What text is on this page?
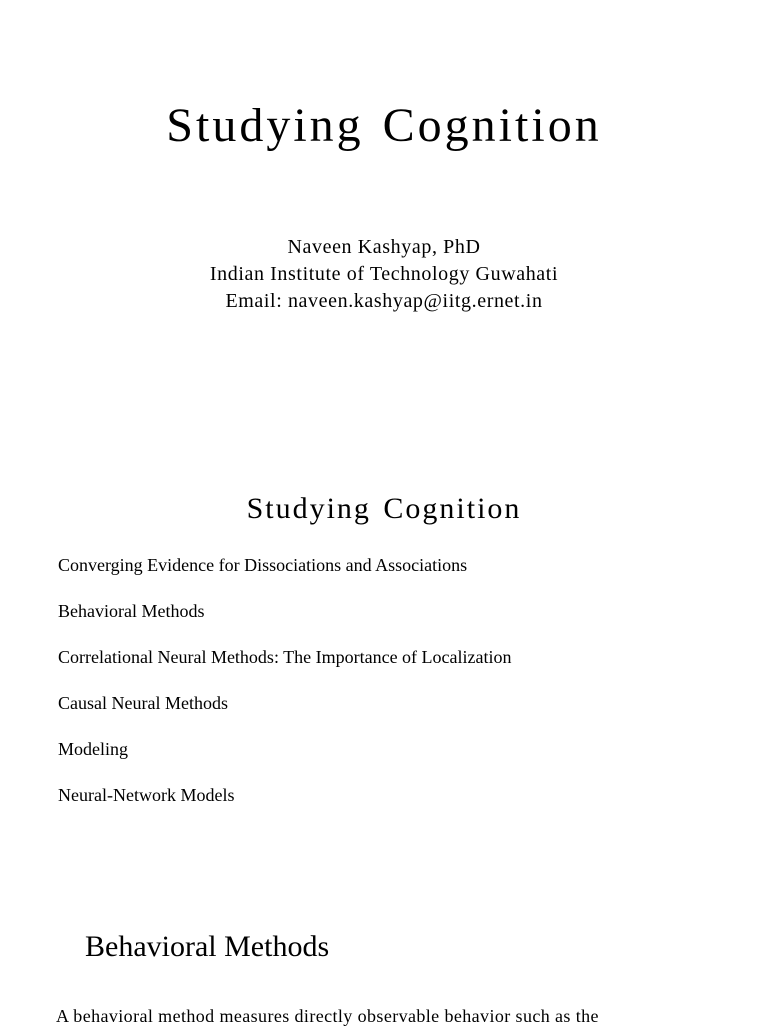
Studying Cognition
Naveen Kashyap, PhD
Indian Institute of Technology Guwahati
Email: naveen.kashyap@iitg.ernet.in
Studying Cognition
Converging Evidence for Dissociations and Associations
Behavioral Methods
Correlational Neural Methods: The Importance of Localization
Causal Neural Methods
Modeling
Neural-Network Models
Behavioral Methods
A behavioral method measures directly observable behavior such as the
